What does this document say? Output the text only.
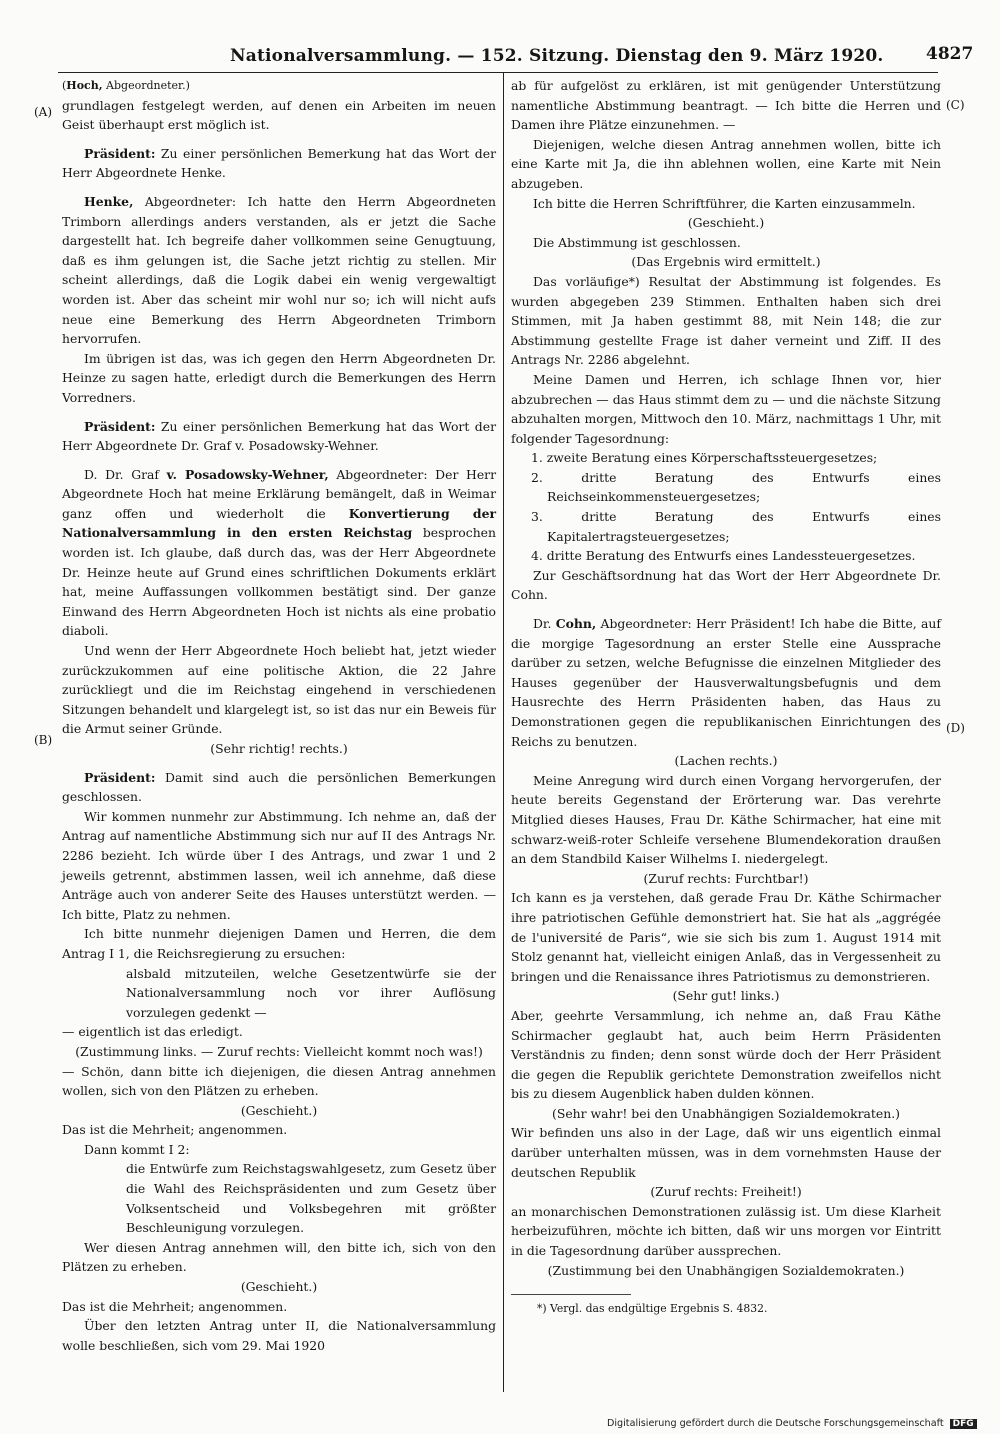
Nationalversammlung. — 152. Sitzung. Dienstag den 9. März 1920. 4827
(A)
(B)
(C)
(D)

(Hoch, Abgeordneter.)

grundlagen festgelegt werden, auf denen ein Arbeiten im neuen Geist überhaupt erst möglich ist.

Präsident: Zu einer persönlichen Bemerkung hat das Wort der Herr Abgeordnete Henke.

Henke, Abgeordneter: Ich hatte den Herrn Abgeordneten Trimborn allerdings anders verstanden, als er jetzt die Sache dargestellt hat. Ich begreife daher vollkommen seine Genugtuung, daß es ihm gelungen ist, die Sache jetzt richtig zu stellen. Mir scheint allerdings, daß die Logik dabei ein wenig vergewaltigt worden ist. Aber das scheint mir wohl nur so; ich will nicht aufs neue eine Bemerkung des Herrn Abgeordneten Trimborn hervorrufen.

Im übrigen ist das, was ich gegen den Herrn Abgeordneten Dr. Heinze zu sagen hatte, erledigt durch die Bemerkungen des Herrn Vorredners.

Präsident: Zu einer persönlichen Bemerkung hat das Wort der Herr Abgeordnete Dr. Graf v. Posadowsky-Wehner.

D. Dr. Graf v. Posadowsky-Wehner, Abgeordneter: Der Herr Abgeordnete Hoch hat meine Erklärung bemängelt, daß in Weimar ganz offen und wiederholt die Konvertierung der Nationalversammlung in den ersten Reichstag besprochen worden ist. Ich glaube, daß durch das, was der Herr Abgeordnete Dr. Heinze heute auf Grund eines schriftlichen Dokuments erklärt hat, meine Auffassungen vollkommen bestätigt sind. Der ganze Einwand des Herrn Abgeordneten Hoch ist nichts als eine probatio diaboli.

Und wenn der Herr Abgeordnete Hoch beliebt hat, jetzt wieder zurückzukommen auf eine politische Aktion, die 22 Jahre zurückliegt und die im Reichstag eingehend in verschiedenen Sitzungen behandelt und klargelegt ist, so ist das nur ein Beweis für die Armut seiner Gründe.

(Sehr richtig! rechts.)

Präsident: Damit sind auch die persönlichen Bemerkungen geschlossen.

Wir kommen nunmehr zur Abstimmung. Ich nehme an, daß der Antrag auf namentliche Abstimmung sich nur auf II des Antrags Nr. 2286 bezieht. Ich würde über I des Antrags, und zwar 1 und 2 jeweils getrennt, abstimmen lassen, weil ich annehme, daß diese Anträge auch von anderer Seite des Hauses unterstützt werden. — Ich bitte, Platz zu nehmen.

Ich bitte nunmehr diejenigen Damen und Herren, die dem Antrag I 1, die Reichsregierung zu ersuchen:

alsbald mitzuteilen, welche Gesetzentwürfe sie der Nationalversammlung noch vor ihrer Auflösung vorzulegen gedenkt —

— eigentlich ist das erledigt.

(Zustimmung links. — Zuruf rechts: Vielleicht kommt noch was!)

— Schön, dann bitte ich diejenigen, die diesen Antrag annehmen wollen, sich von den Plätzen zu erheben.

(Geschieht.)

Das ist die Mehrheit; angenommen.

Dann kommt I 2:

die Entwürfe zum Reichstagswahlgesetz, zum Gesetz über die Wahl des Reichspräsidenten und zum Gesetz über Volksentscheid und Volksbegehren mit größter Beschleunigung vorzulegen.

Wer diesen Antrag annehmen will, den bitte ich, sich von den Plätzen zu erheben.

(Geschieht.)

Das ist die Mehrheit; angenommen.

Über den letzten Antrag unter II, die Nationalversammlung wolle beschließen, sich vom 29. Mai 1920

ab für aufgelöst zu erklären, ist mit genügender Unterstützung namentliche Abstimmung beantragt. — Ich bitte die Herren und Damen ihre Plätze einzunehmen. —

Diejenigen, welche diesen Antrag annehmen wollen, bitte ich eine Karte mit Ja, die ihn ablehnen wollen, eine Karte mit Nein abzugeben.

Ich bitte die Herren Schriftführer, die Karten einzusammeln.

(Geschieht.)

Die Abstimmung ist geschlossen.

(Das Ergebnis wird ermittelt.)

Das vorläufige*) Resultat der Abstimmung ist folgendes. Es wurden abgegeben 239 Stimmen. Enthalten haben sich drei Stimmen, mit Ja haben gestimmt 88, mit Nein 148; die zur Abstimmung gestellte Frage ist daher verneint und Ziff. II des Antrags Nr. 2286 abgelehnt.

Meine Damen und Herren, ich schlage Ihnen vor, hier abzubrechen — das Haus stimmt dem zu — und die nächste Sitzung abzuhalten morgen, Mittwoch den 10. März, nachmittags 1 Uhr, mit folgender Tagesordnung:

1. zweite Beratung eines Körperschaftssteuergesetzes;

2. dritte Beratung des Entwurfs eines Reichseinkommensteuergesetzes;

3. dritte Beratung des Entwurfs eines Kapitalertragsteuergesetzes;

4. dritte Beratung des Entwurfs eines Landessteuergesetzes.

Zur Geschäftsordnung hat das Wort der Herr Abgeordnete Dr. Cohn.

Dr. Cohn, Abgeordneter: Herr Präsident! Ich habe die Bitte, auf die morgige Tagesordnung an erster Stelle eine Aussprache darüber zu setzen, welche Befugnisse die einzelnen Mitglieder des Hauses gegenüber der Hausverwaltungsbefugnis und dem Hausrechte des Herrn Präsidenten haben, das Haus zu Demonstrationen gegen die republikanischen Einrichtungen des Reichs zu benutzen.

(Lachen rechts.)

Meine Anregung wird durch einen Vorgang hervorgerufen, der heute bereits Gegenstand der Erörterung war. Das verehrte Mitglied dieses Hauses, Frau Dr. Käthe Schirmacher, hat eine mit schwarz-weiß-roter Schleife versehene Blumendekoration draußen an dem Standbild Kaiser Wilhelms I. niedergelegt.

(Zuruf rechts: Furchtbar!)

Ich kann es ja verstehen, daß gerade Frau Dr. Käthe Schirmacher ihre patriotischen Gefühle demonstriert hat. Sie hat als „aggrégée de l'université de Paris“, wie sie sich bis zum 1. August 1914 mit Stolz genannt hat, vielleicht einigen Anlaß, das in Vergessenheit zu bringen und die Renaissance ihres Patriotismus zu demonstrieren.

(Sehr gut! links.)

Aber, geehrte Versammlung, ich nehme an, daß Frau Käthe Schirmacher geglaubt hat, auch beim Herrn Präsidenten Verständnis zu finden; denn sonst würde doch der Herr Präsident die gegen die Republik gerichtete Demonstration zweifellos nicht bis zu diesem Augenblick haben dulden können.

(Sehr wahr! bei den Unabhängigen Sozialdemokraten.)

Wir befinden uns also in der Lage, daß wir uns eigentlich einmal darüber unterhalten müssen, was in dem vornehmsten Hause der deutschen Republik

(Zuruf rechts: Freiheit!)

an monarchischen Demonstrationen zulässig ist. Um diese Klarheit herbeizuführen, möchte ich bitten, daß wir uns morgen vor Eintritt in die Tagesordnung darüber aussprechen.

(Zustimmung bei den Unabhängigen Sozialdemokraten.)

*) Vergl. das endgültige Ergebnis S. 4832.

Digitalisierung gefördert durch die Deutsche Forschungsgemeinschaft DFG
